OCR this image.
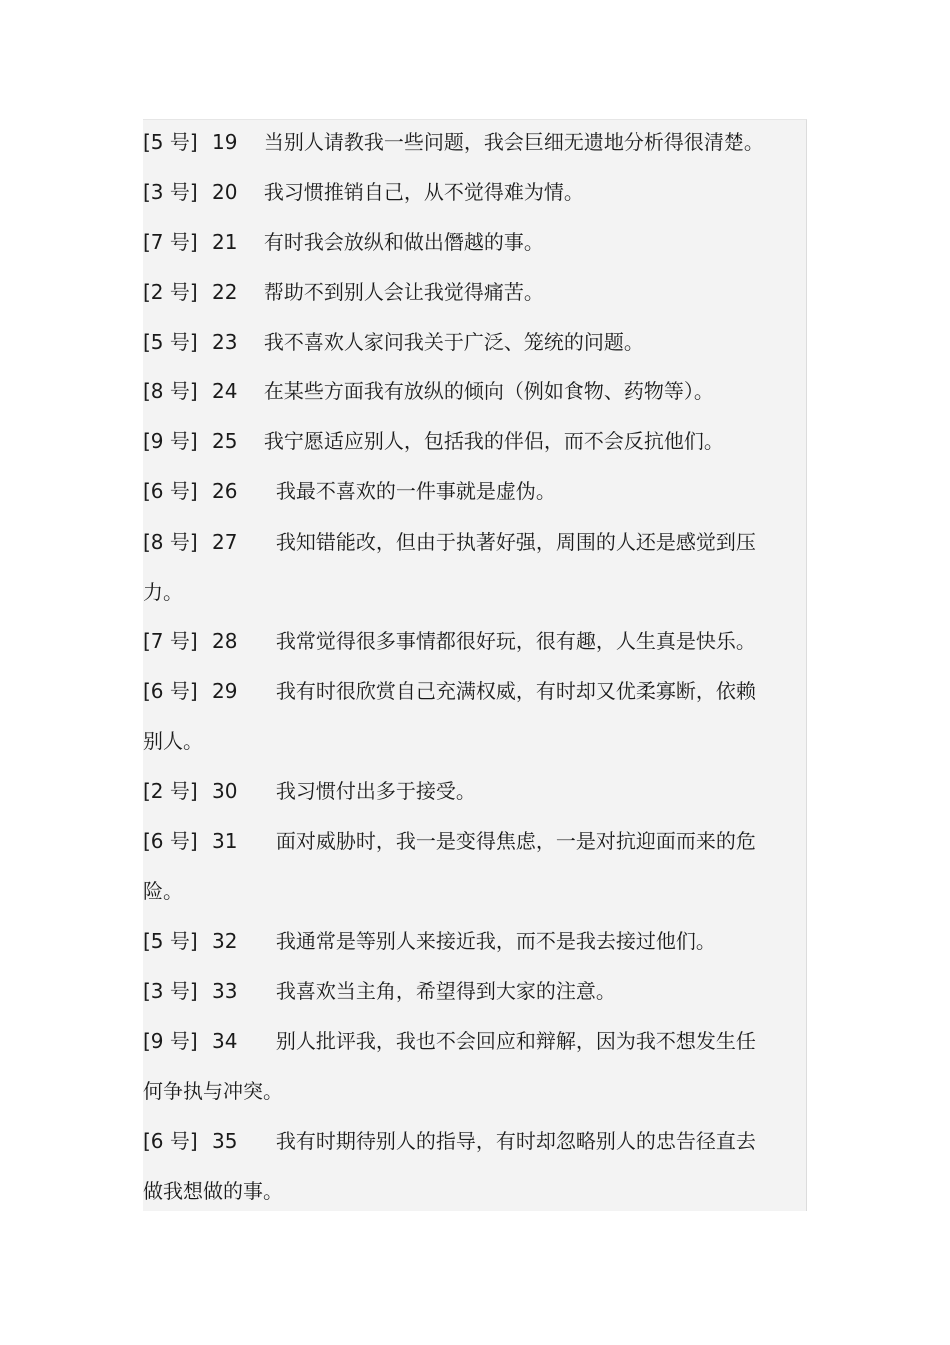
[5 号] 19 当别人请教我一些问题，我会巨细无遗地分析得很清楚。
[3 号] 20 我习惯推销自己，从不觉得难为情。
[7 号] 21 有时我会放纵和做出僭越的事。
[2 号] 22 帮助不到别人会让我觉得痛苦。
[5 号] 23 我不喜欢人家问我关于广泛、笼统的问题。
[8 号] 24 在某些方面我有放纵的倾向（例如食物、药物等）。
[9 号] 25 我宁愿适应别人，包括我的伴侣，而不会反抗他们。
[6 号] 26 我最不喜欢的一件事就是虚伪。
[8 号] 27 我知错能改，但由于执著好强，周围的人还是感觉到压
力。
[7 号] 28 我常觉得很多事情都很好玩，很有趣，人生真是快乐。
[6 号] 29 我有时很欣赏自己充满权威，有时却又优柔寡断，依赖
别人。
[2 号] 30 我习惯付出多于接受。
[6 号] 31 面对威胁时，我一是变得焦虑，一是对抗迎面而来的危
险。
[5 号] 32 我通常是等别人来接近我，而不是我去接过他们。
[3 号] 33 我喜欢当主角，希望得到大家的注意。
[9 号] 34 别人批评我，我也不会回应和辩解，因为我不想发生任
何争执与冲突。
[6 号] 35 我有时期待别人的指导，有时却忽略别人的忠告径直去
做我想做的事。
